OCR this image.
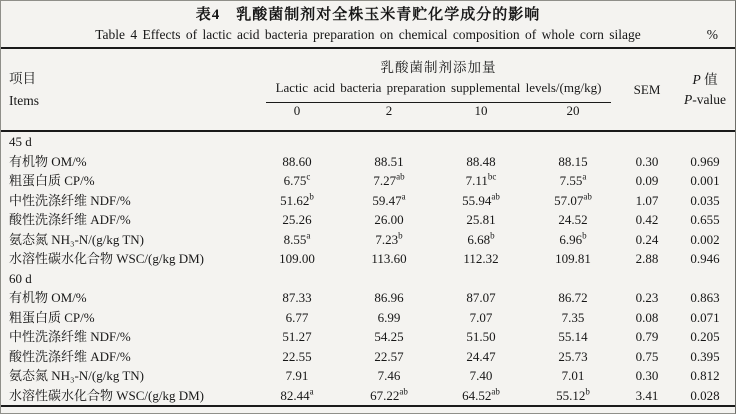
表4　乳酸菌制剂对全株玉米青贮化学成分的影响
Table 4 Effects of lactic acid bacteria preparation on chemical composition of whole corn silage	%
项目
Items

乳酸菌制剂添加量
Lactic acid bacteria preparation supplemental levels/(mg/kg)	SEM	
P 值
P-value

	0	2	10	20		
45 d						
有机物 OM/%	88.60	88.51	88.48	88.15	0.30	0.969
粗蛋白质 CP/%	6.75$^c$	7.27$^{ab}$	7.11$^{bc}$	7.55$^a$	0.09	0.001
中性洗涤纤维 NDF/%	51.62$^b$	59.47$^a$	55.94$^{ab}$	57.07$^{ab}$	1.07	0.035
酸性洗涤纤维 ADF/%	25.26	26.00	25.81	24.52	0.42	0.655
氨态氮 NH₃-N/(g/kg TN)	8.55$^a$	7.23$^b$	6.68$^b$	6.96$^b$	0.24	0.002
水溶性碳水化合物 WSC/(g/kg DM)	109.00	113.60	112.32	109.81	2.88	0.946
60 d						
有机物 OM/%	87.33	86.96	87.07	86.72	0.23	0.863
粗蛋白质 CP/%	6.77	6.99	7.07	7.35	0.08	0.071
中性洗涤纤维 NDF/%	51.27	54.25	51.50	55.14	0.79	0.205
酸性洗涤纤维 ADF/%	22.55	22.57	24.47	25.73	0.75	0.395
氨态氮 NH₃-N/(g/kg TN)	7.91	7.46	7.40	7.01	0.30	0.812
水溶性碳水化合物 WSC/(g/kg DM)	82.44$^a$	67.22$^{ab}$	64.52$^{ab}$	55.12$^b$	3.41	0.028
